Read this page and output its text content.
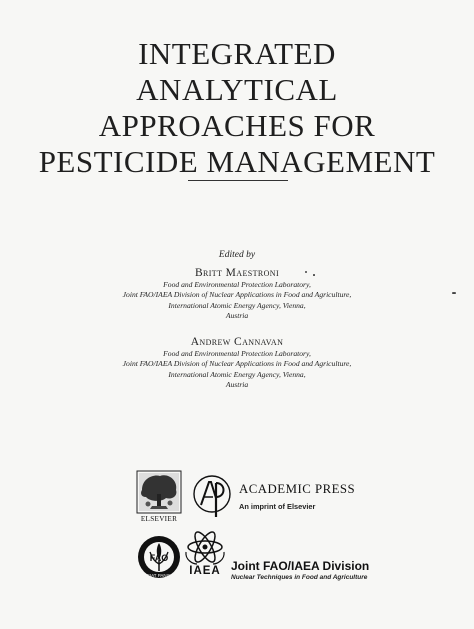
INTEGRATED
ANALYTICAL
APPROACHES FOR
PESTICIDE MANAGEMENT
Edited by
Britt Maestroni
Food and Environmental Protection Laboratory,
Joint FAO/IAEA Division of Nuclear Applications in Food and Agriculture,
International Atomic Energy Agency, Vienna,
Austria
Andrew Cannavan
Food and Environmental Protection Laboratory,
Joint FAO/IAEA Division of Nuclear Applications in Food and Agriculture,
International Atomic Energy Agency, Vienna,
Austria
ELSEVIER
ACADEMIC PRESS
An imprint of Elsevier
FAO
FIAT PANIS	IAEA Joint FAO/IAEA Division
Nuclear Techniques in Food and Agriculture
